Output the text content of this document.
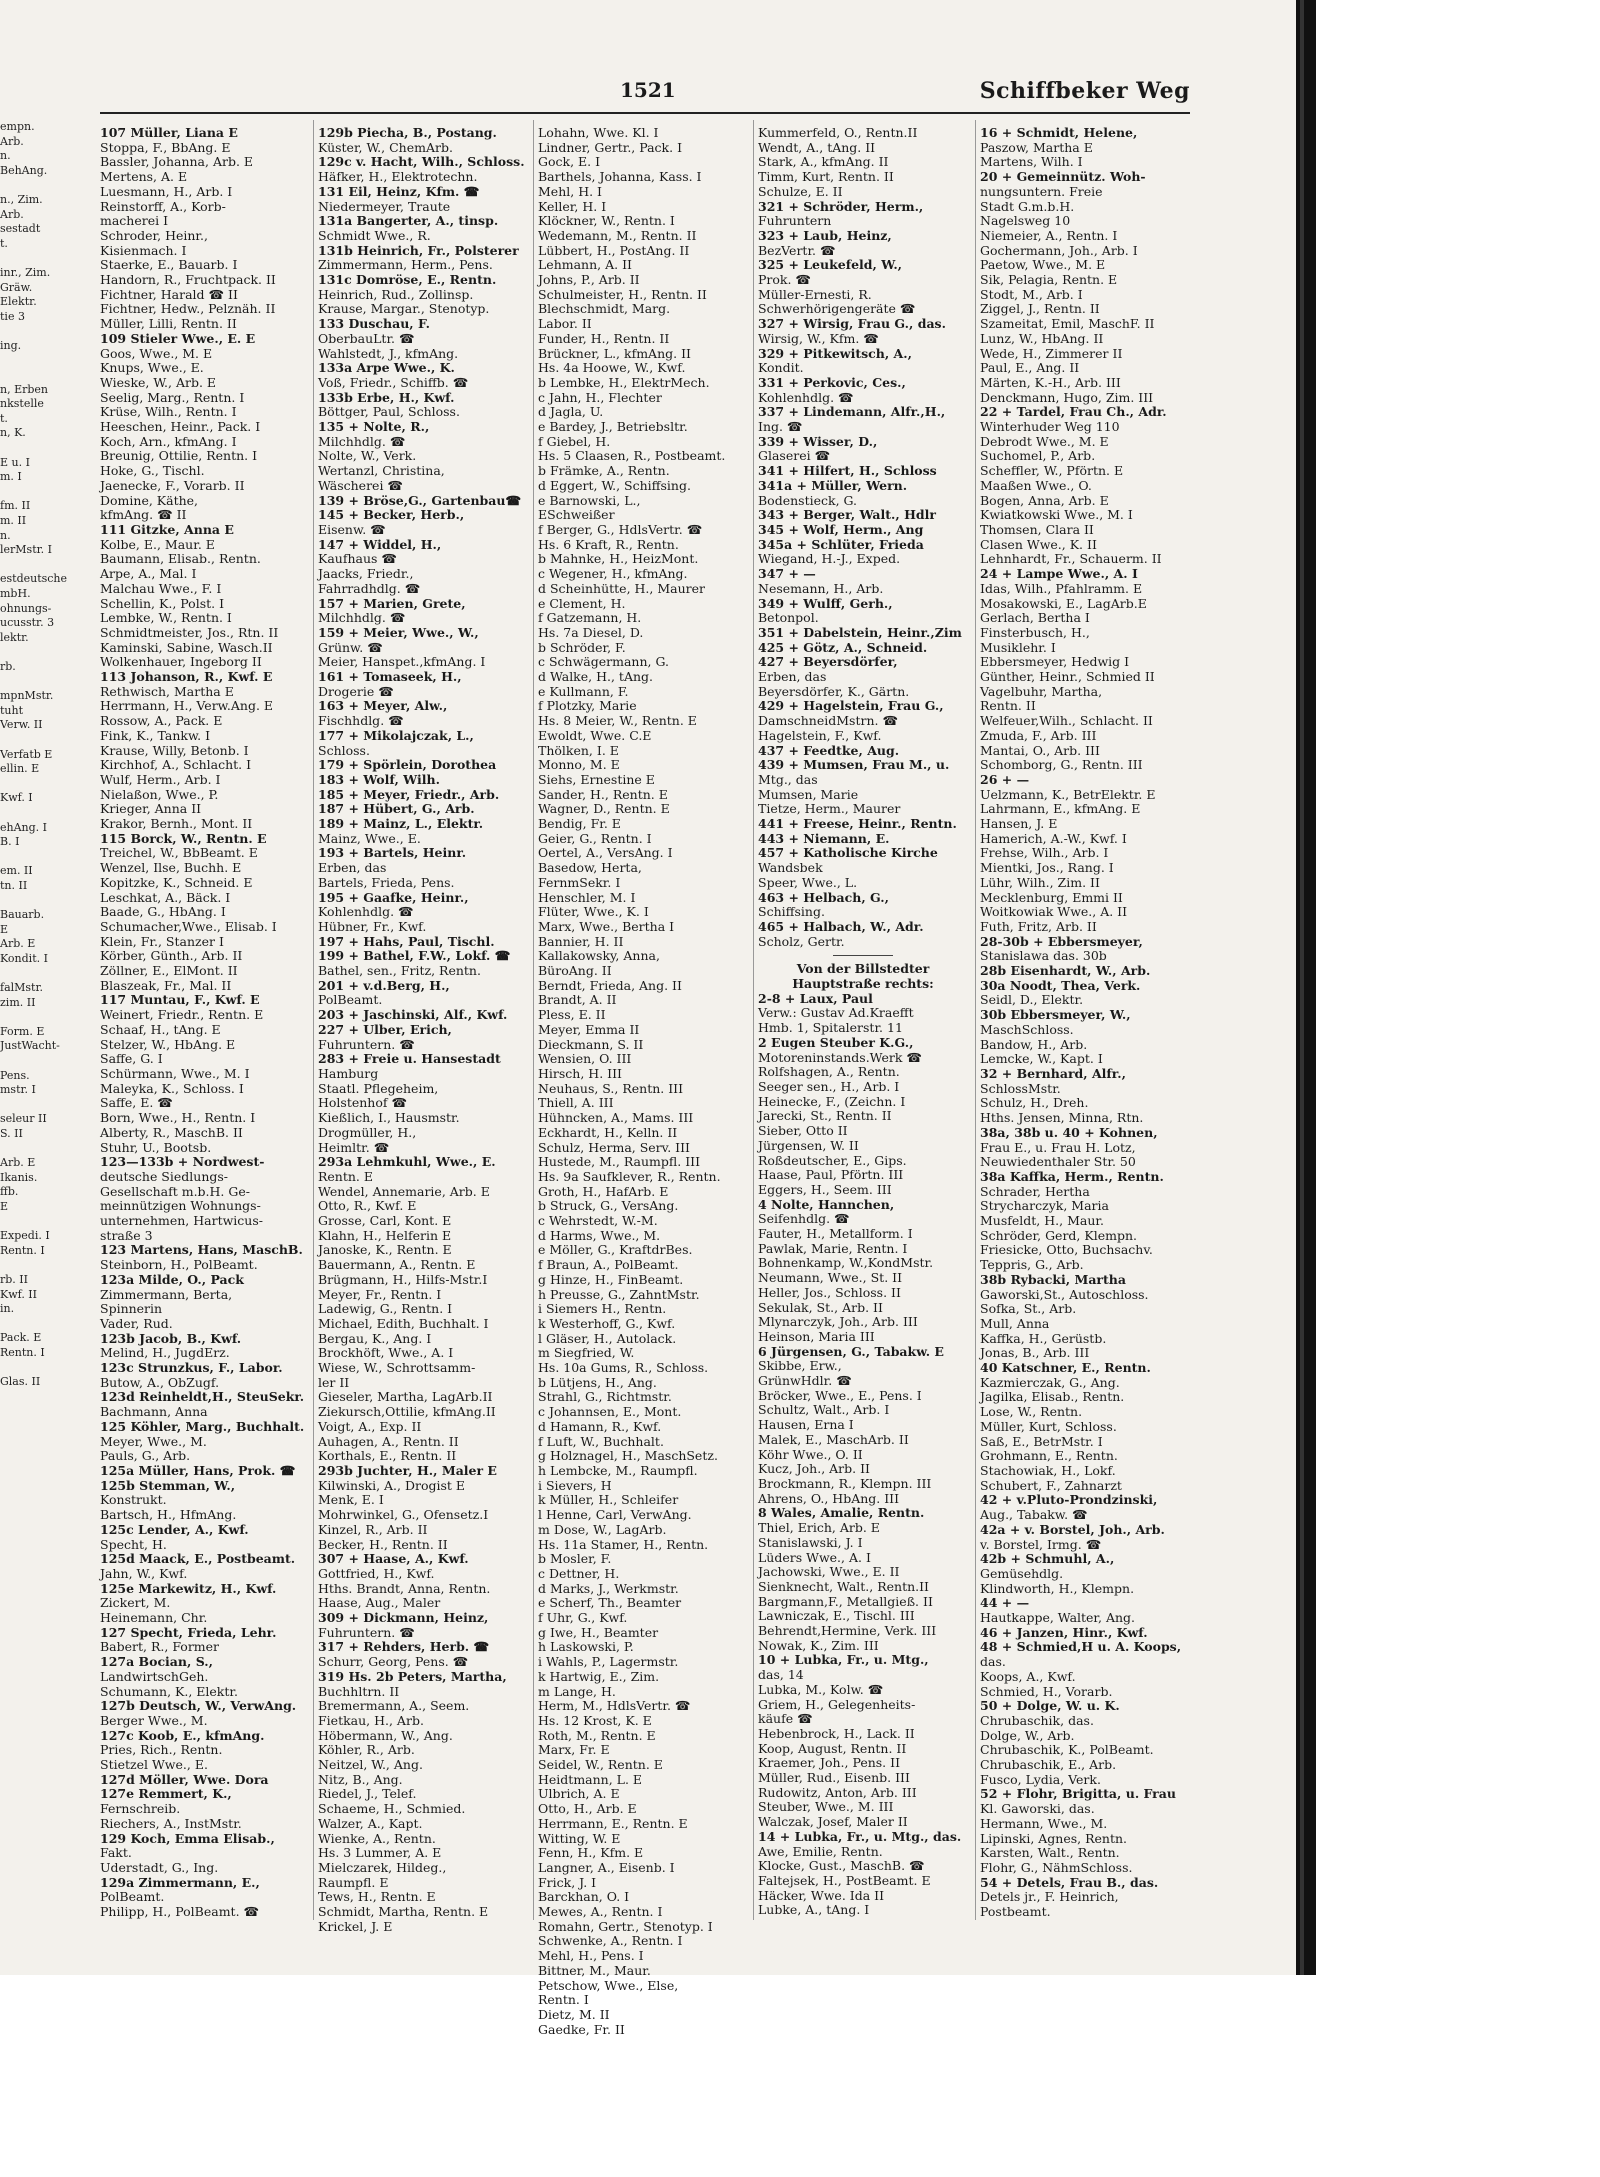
empn.
Arb.
n.
BehAng.

n., Zim.
Arb.
sestadt
t.

inr., Zim.
Gräw.
Elektr.
tie 3

ing.

n, Erben
nkstelle
t.
n, K.

E u. I
m. I

fm. II
m. II
n.
lerMstr. I

estdeutsche
mbH.
ohnungs-
ucusstr. 3
lektr.

rb.

mpnMstr.
tuht
Verw. II

Verfatb E
ellin. E

Kwf. I

ehAng. I
B. I

em. II
tn. II

Bauarb.
E
Arb. E
Kondit. I

falMstr.
zim. II

Form. E
JustWacht-

Pens.
mstr. I

seleur II
S. II

Arb. E
Ikanis.
ffb.
E

Expedi. I
Rentn. I

rb. II
Kwf. II
in.

Pack. E
Rentn. I

Glas. II
1521	Schiffbeker Weg
107 Müller, Liana E
Stoppa, F., BbAng. E
Bassler, Johanna, Arb. E
Mertens, A. E
Luesmann, H., Arb. I
Reinstorff, A., Korb-
macherei I
Schroder, Heinr.,
Kisienmach. I
Staerke, E., Bauarb. I
Handorn, R., Fruchtpack. II
Fichtner, Harald ☎ II
Fichtner, Hedw., Pelznäh. II
Müller, Lilli, Rentn. II
109 Stieler Wwe., E. E
Goos, Wwe., M. E
Knups, Wwe., E.
Wieske, W., Arb. E
Seelig, Marg., Rentn. I
Krüse, Wilh., Rentn. I
Heeschen, Heinr., Pack. I
Koch, Arn., kfmAng. I
Breunig, Ottilie, Rentn. I
Hoke, G., Tischl.
Jaenecke, F., Vorarb. II
Domine, Käthe,
kfmAng. ☎ II
111 Gitzke, Anna E
Kolbe, E., Maur. E
Baumann, Elisab., Rentn.
Arpe, A., Mal. I
Malchau Wwe., F. I
Schellin, K., Polst. I
Lembke, W., Rentn. I
Schmidtmeister, Jos., Rtn. II
Kaminski, Sabine, Wasch.II
Wolkenhauer, Ingeborg II
113 Johanson, R., Kwf. E
Rethwisch, Martha E
Herrmann, H., Verw.Ang. E
Rossow, A., Pack. E
Fink, K., Tankw. I
Krause, Willy, Betonb. I
Kirchhof, A., Schlacht. I
Wulf, Herm., Arb. I
Nielaßon, Wwe., P.
Krieger, Anna II
Krakor, Bernh., Mont. II
115 Borck, W., Rentn. E
Treichel, W., BbBeamt. E
Wenzel, Ilse, Buchh. E
Kopitzke, K., Schneid. E
Leschkat, A., Bäck. I
Baade, G., HbAng. I
Schumacher,Wwe., Elisab. I
Klein, Fr., Stanzer I
Körber, Günth., Arb. II
Zöllner, E., ElMont. II
Blaszeak, Fr., Mal. II
117 Muntau, F., Kwf. E
Weinert, Friedr., Rentn. E
Schaaf, H., tAng. E
Stelzer, W., HbAng. E
Saffe, G. I
Schürmann, Wwe., M. I
Maleyka, K., Schloss. I
Saffe, E. ☎
Born, Wwe., H., Rentn. I
Alberty, R., MaschB. II
Stuhr, U., Bootsb.
123—133b + Nordwest-
deutsche Siedlungs-
Gesellschaft m.b.H. Ge-
meinnützigen Wohnungs-
unternehmen, Hartwicus-
straße 3
123 Martens, Hans, MaschB.
Steinborn, H., PolBeamt.
123a Milde, O., Pack
Zimmermann, Berta,
Spinnerin
Vader, Rud.
123b Jacob, B., Kwf.
Melind, H., JugdErz.
123c Strunzkus, F., Labor.
Butow, A., ObZugf.
123d Reinheldt,H., SteuSekr.
Bachmann, Anna
125 Köhler, Marg., Buchhalt.
Meyer, Wwe., M.
Pauls, G., Arb.
125a Müller, Hans, Prok. ☎
125b Stemman, W.,
Konstrukt.
Bartsch, H., HfmAng.
125c Lender, A., Kwf.
Specht, H.
125d Maack, E., Postbeamt.
Jahn, W., Kwf.
125e Markewitz, H., Kwf.
Zickert, M.
Heinemann, Chr.
127 Specht, Frieda, Lehr.
Babert, R., Former
127a Bocian, S.,
LandwirtschGeh.
Schumann, K., Elektr.
127b Deutsch, W., VerwAng.
Berger Wwe., M.
127c Koob, E., kfmAng.
Pries, Rich., Rentn.
Stietzel Wwe., E.
127d Möller, Wwe. Dora
127e Remmert, K.,
Fernschreib.
Riechers, A., InstMstr.
129 Koch, Emma Elisab.,
Fakt.
Uderstadt, G., Ing.
129a Zimmermann, E.,
PolBeamt.
Philipp, H., PolBeamt. ☎
129b Piecha, B., Postang.
Küster, W., ChemArb.
129c v. Hacht, Wilh., Schloss.
Häfker, H., Elektrotechn.
131 Eil, Heinz, Kfm. ☎
Niedermeyer, Traute
131a Bangerter, A., tinsp.
Schmidt Wwe., R.
131b Heinrich, Fr., Polsterer
Zimmermann, Herm., Pens.
131c Domröse, E., Rentn.
Heinrich, Rud., Zollinsp.
Krause, Margar., Stenotyp.
133 Duschau, F.
OberbauLtr. ☎
Wahlstedt, J., kfmAng.
133a Arpe Wwe., K.
Voß, Friedr., Schiffb. ☎
133b Erbe, H., Kwf.
Böttger, Paul, Schloss.
135 + Nolte, R.,
Milchhdlg. ☎
Nolte, W., Verk.
Wertanzl, Christina,
Wäscherei ☎
139 + Bröse,G., Gartenbau☎
145 + Becker, Herb.,
Eisenw. ☎
147 + Widdel, H.,
Kaufhaus ☎
Jaacks, Friedr.,
Fahrradhdlg. ☎
157 + Marien, Grete,
Milchhdlg. ☎
159 + Meier, Wwe., W.,
Grünw. ☎
Meier, Hanspet.,kfmAng. I
161 + Tomaseek, H.,
Drogerie ☎
163 + Meyer, Alw.,
Fischhdlg. ☎
177 + Mikolajczak, L.,
Schloss.
179 + Spörlein, Dorothea
183 + Wolf, Wilh.
185 + Meyer, Friedr., Arb.
187 + Hübert, G., Arb.
189 + Mainz, L., Elektr.
Mainz, Wwe., E.
193 + Bartels, Heinr.
Erben, das
Bartels, Frieda, Pens.
195 + Gaafke, Heinr.,
Kohlenhdlg. ☎
Hübner, Fr., Kwf.
197 + Hahs, Paul, Tischl.
199 + Bathel, F.W., Lokf. ☎
Bathel, sen., Fritz, Rentn.
201 + v.d.Berg, H.,
PolBeamt.
203 + Jaschinski, Alf., Kwf.
227 + Ulber, Erich,
Fuhruntern. ☎
283 + Freie u. Hansestadt
Hamburg
Staatl. Pflegeheim,
Holstenhof ☎
Kießlich, I., Hausmstr.
Drogmüller, H.,
Heimltr. ☎
293a Lehmkuhl, Wwe., E.
Rentn. E
Wendel, Annemarie, Arb. E
Otto, R., Kwf. E
Grosse, Carl, Kont. E
Klahn, H., Helferin E
Janoske, K., Rentn. E
Bauermann, A., Rentn. E
Brügmann, H., Hilfs-Mstr.I
Meyer, Fr., Rentn. I
Ladewig, G., Rentn. I
Michael, Edith, Buchhalt. I
Bergau, K., Ang. I
Brockhöft, Wwe., A. I
Wiese, W., Schrottsamm-
ler II
Gieseler, Martha, LagArb.II
Ziekursch,Ottilie, kfmAng.II
Voigt, A., Exp. II
Auhagen, A., Rentn. II
Korthals, E., Rentn. II
293b Juchter, H., Maler E
Kilwinski, A., Drogist E
Menk, E. I
Mohrwinkel, G., Ofensetz.I
Kinzel, R., Arb. II
Becker, H., Rentn. II
307 + Haase, A., Kwf.
Gottfried, H., Kwf.
Hths. Brandt, Anna, Rentn.
Haase, Aug., Maler
309 + Dickmann, Heinz,
Fuhruntern. ☎
317 + Rehders, Herb. ☎
Schurr, Georg, Pens. ☎
319 Hs. 2b Peters, Martha,
Buchhltrn. II
Bremermann, A., Seem.
Fietkau, H., Arb.
Höbermann, W., Ang.
Köhler, R., Arb.
Neitzel, W., Ang.
Nitz, B., Ang.
Riedel, J., Telef.
Schaeme, H., Schmied.
Walzer, A., Kapt.
Wienke, A., Rentn.
Hs. 3 Lummer, A. E
Mielczarek, Hildeg.,
Raumpfl. E
Tews, H., Rentn. E
Schmidt, Martha, Rentn. E
Krickel, J. E
Lohahn, Wwe. Kl. I
Lindner, Gertr., Pack. I
Gock, E. I
Barthels, Johanna, Kass. I
Mehl, H. I
Keller, H. I
Klöckner, W., Rentn. I
Wedemann, M., Rentn. II
Lübbert, H., PostAng. II
Lehmann, A. II
Johns, P., Arb. II
Schulmeister, H., Rentn. II
Blechschmidt, Marg.
Labor. II
Funder, H., Rentn. II
Brückner, L., kfmAng. II
Hs. 4a Hoowe, W., Kwf.
b Lembke, H., ElektrMech.
c Jahn, H., Flechter
d Jagla, U.
e Bardey, J., Betriebsltr.
f Giebel, H.
Hs. 5 Claasen, R., Postbeamt.
b Främke, A., Rentn.
d Eggert, W., Schiffsing.
e Barnowski, L.,
ESchweißer
f Berger, G., HdlsVertr. ☎
Hs. 6 Kraft, R., Rentn.
b Mahnke, H., HeizMont.
c Wegener, H., kfmAng.
d Scheinhütte, H., Maurer
e Clement, H.
f Gatzemann, H.
Hs. 7a Diesel, D.
b Schröder, F.
c Schwägermann, G.
d Walke, H., tAng.
e Kullmann, F.
f Plotzky, Marie
Hs. 8 Meier, W., Rentn. E
Ewoldt, Wwe. C.E
Thölken, I. E
Monno, M. E
Siehs, Ernestine E
Sander, H., Rentn. E
Wagner, D., Rentn. E
Bendig, Fr. E
Geier, G., Rentn. I
Oertel, A., VersAng. I
Basedow, Herta,
FernmSekr. I
Henschler, M. I
Flüter, Wwe., K. I
Marx, Wwe., Bertha I
Bannier, H. II
Kallakowsky, Anna,
BüroAng. II
Berndt, Frieda, Ang. II
Brandt, A. II
Pless, E. II
Meyer, Emma II
Dieckmann, S. II
Wensien, O. III
Hirsch, H. III
Neuhaus, S., Rentn. III
Thiell, A. III
Hühncken, A., Mams. III
Eckhardt, H., Kelln. II
Schulz, Herma, Serv. III
Hustede, M., Raumpfl. III
Hs. 9a Saufklever, R., Rentn.
Groth, H., HafArb. E
b Struck, G., VersAng.
c Wehrstedt, W.-M.
d Harms, Wwe., M.
e Möller, G., KraftdrBes.
f Braun, A., PolBeamt.
g Hinze, H., FinBeamt.
h Preusse, G., ZahntMstr.
i Siemers H., Rentn.
k Westerhoff, G., Kwf.
l Gläser, H., Autolack.
m Siegfried, W.
Hs. 10a Gums, R., Schloss.
b Lütjens, H., Ang.
Strahl, G., Richtmstr.
c Johannsen, E., Mont.
d Hamann, R., Kwf.
f Luft, W., Buchhalt.
g Holznagel, H., MaschSetz.
h Lembcke, M., Raumpfl.
i Sievers, H
k Müller, H., Schleifer
l Henne, Carl, VerwAng.
m Dose, W., LagArb.
Hs. 11a Stamer, H., Rentn.
b Mosler, F.
c Dettner, H.
d Marks, J., Werkmstr.
e Scherf, Th., Beamter
f Uhr, G., Kwf.
g Iwe, H., Beamter
h Laskowski, P.
i Wahls, P., Lagermstr.
k Hartwig, E., Zim.
m Lange, H.
Herm, M., HdlsVertr. ☎
Hs. 12 Krost, K. E
Roth, M., Rentn. E
Marx, Fr. E
Seidel, W., Rentn. E
Heidtmann, L. E
Ulbrich, A. E
Otto, H., Arb. E
Herrmann, E., Rentn. E
Witting, W. E
Fenn, H., Kfm. E
Langner, A., Eisenb. I
Frick, J. I
Barckhan, O. I
Mewes, A., Rentn. I
Romahn, Gertr., Stenotyp. I
Schwenke, A., Rentn. I
Mehl, H., Pens. I
Bittner, M., Maur.
Petschow, Wwe., Else,
Rentn. I
Dietz, M. II
Gaedke, Fr. II
Kummerfeld, O., Rentn.II
Wendt, A., tAng. II
Stark, A., kfmAng. II
Timm, Kurt, Rentn. II
Schulze, E. II
321 + Schröder, Herm.,
Fuhruntern
323 + Laub, Heinz,
BezVertr. ☎
325 + Leukefeld, W.,
Prok. ☎
Müller-Ernesti, R.
Schwerhörigengeräte ☎
327 + Wirsig, Frau G., das.
Wirsig, W., Kfm. ☎
329 + Pitkewitsch, A.,
Kondit.
331 + Perkovic, Ces.,
Kohlenhdlg. ☎
337 + Lindemann, Alfr.,H.,
Ing. ☎
339 + Wisser, D.,
Glaserei ☎
341 + Hilfert, H., Schloss
341a + Müller, Wern.
Bodenstieck, G.
343 + Berger, Walt., Hdlr
345 + Wolf, Herm., Ang
345a + Schlüter, Frieda
Wiegand, H.-J., Exped.
347 + —
Nesemann, H., Arb.
349 + Wulff, Gerh.,
Betonpol.
351 + Dabelstein, Heinr.,Zim
425 + Götz, A., Schneid.
427 + Beyersdörfer,
Erben, das
Beyersdörfer, K., Gärtn.
429 + Hagelstein, Frau G.,
DamschneidMstrn. ☎
Hagelstein, F., Kwf.
437 + Feedtke, Aug.
439 + Mumsen, Frau M., u.
Mtg., das
Mumsen, Marie
Tietze, Herm., Maurer
441 + Freese, Heinr., Rentn.
443 + Niemann, E.
457 + Katholische Kirche
Wandsbek
Speer, Wwe., L.
463 + Helbach, G.,
Schiffsing.
465 + Halbach, W., Adr.
Scholz, Gertr.
Von der Billstedter
Hauptstraße rechts:
2-8 + Laux, Paul
Verw.: Gustav Ad.Kraefft
Hmb. 1, Spitalerstr. 11
2 Eugen Steuber K.G.,
Motoreninstands.Werk ☎
Rolfshagen, A., Rentn.
Seeger sen., H., Arb. I
Heinecke, F., (Zeichn. I
Jarecki, St., Rentn. II
Sieber, Otto II
Jürgensen, W. II
Roßdeutscher, E., Gips.
Haase, Paul, Pförtn. III
Eggers, H., Seem. III
4 Nolte, Hannchen,
Seifenhdlg. ☎
Fauter, H., Metallform. I
Pawlak, Marie, Rentn. I
Bohnenkamp, W.,KondMstr.
Neumann, Wwe., St. II
Heller, Jos., Schloss. II
Sekulak, St., Arb. II
Mlynarczyk, Joh., Arb. III
Heinson, Maria III
6 Jürgensen, G., Tabakw. E
Skibbe, Erw.,
GrünwHdlr. ☎
Bröcker, Wwe., E., Pens. I
Schultz, Walt., Arb. I
Hausen, Erna I
Malek, E., MaschArb. II
Köhr Wwe., O. II
Kucz, Joh., Arb. II
Brockmann, R., Klempn. III
Ahrens, O., HbAng. III
8 Wales, Amalie, Rentn.
Thiel, Erich, Arb. E
Stanislawski, J. I
Lüders Wwe., A. I
Jachowski, Wwe., E. II
Sienknecht, Walt., Rentn.II
Bargmann,F., Metallgieß. II
Lawniczak, E., Tischl. III
Behrendt,Hermine, Verk. III
Nowak, K., Zim. III
10 + Lubka, Fr., u. Mtg.,
das, 14
Lubka, M., Kolw. ☎
Griem, H., Gelegenheits-
käufe ☎
Hebenbrock, H., Lack. II
Koop, August, Rentn. II
Kraemer, Joh., Pens. II
Müller, Rud., Eisenb. III
Rudowitz, Anton, Arb. III
Steuber, Wwe., M. III
Walczak, Josef, Maler II
14 + Lubka, Fr., u. Mtg., das.
Awe, Emilie, Rentn.
Klocke, Gust., MaschB. ☎
Faltejsek, H., PostBeamt. E
Häcker, Wwe. Ida II
Lubke, A., tAng. I
16 + Schmidt, Helene,
Paszow, Martha E
Martens, Wilh. I
20 + Gemeinnütz. Woh-
nungsuntern. Freie
Stadt G.m.b.H.
Nagelsweg 10
Niemeier, A., Rentn. I
Gochermann, Joh., Arb. I
Paetow, Wwe., M. E
Sik, Pelagia, Rentn. E
Stodt, M., Arb. I
Ziggel, J., Rentn. II
Szameitat, Emil, MaschF. II
Lunz, W., HbAng. II
Wede, H., Zimmerer II
Paul, E., Ang. II
Märten, K.-H., Arb. III
Denckmann, Hugo, Zim. III
22 + Tardel, Frau Ch., Adr.
Winterhuder Weg 110
Debrodt Wwe., M. E
Suchomel, P., Arb.
Scheffler, W., Pförtn. E
Maaßen Wwe., O.
Bogen, Anna, Arb. E
Kwiatkowski Wwe., M. I
Thomsen, Clara II
Clasen Wwe., K. II
Lehnhardt, Fr., Schauerm. II
24 + Lampe Wwe., A. I
Idas, Wilh., Pfahlramm. E
Mosakowski, E., LagArb.E
Gerlach, Bertha I
Finsterbusch, H.,
Musiklehr. I
Ebbersmeyer, Hedwig I
Günther, Heinr., Schmied II
Vagelbuhr, Martha,
Rentn. II
Welfeuer,Wilh., Schlacht. II
Zmuda, F., Arb. III
Mantai, O., Arb. III
Schomborg, G., Rentn. III
26 + —
Uelzmann, K., BetrElektr. E
Lahrmann, E., kfmAng. E
Hansen, J. E
Hamerich, A.-W., Kwf. I
Frehse, Wilh., Arb. I
Mientki, Jos., Rang. I
Lühr, Wilh., Zim. II
Mecklenburg, Emmi II
Woitkowiak Wwe., A. II
Futh, Fritz, Arb. II
28-30b + Ebbersmeyer,
Stanislawa das. 30b
28b Eisenhardt, W., Arb.
30a Noodt, Thea, Verk.
Seidl, D., Elektr.
30b Ebbersmeyer, W.,
MaschSchloss.
Bandow, H., Arb.
Lemcke, W., Kapt. I
32 + Bernhard, Alfr.,
SchlossMstr.
Schulz, H., Dreh.
Hths. Jensen, Minna, Rtn.
38a, 38b u. 40 + Kohnen,
Frau E., u. Frau H. Lotz,
Neuwiedenthaler Str. 50
38a Kaffka, Herm., Rentn.
Schrader, Hertha
Strycharczyk, Maria
Musfeldt, H., Maur.
Schröder, Gerd, Klempn.
Friesicke, Otto, Buchsachv.
Teppris, G., Arb.
38b Rybacki, Martha
Gaworski,St., Autoschloss.
Sofka, St., Arb.
Mull, Anna
Kaffka, H., Gerüstb.
Jonas, B., Arb. III
40 Katschner, E., Rentn.
Kazmierczak, G., Ang.
Jagilka, Elisab., Rentn.
Lose, W., Rentn.
Müller, Kurt, Schloss.
Saß, E., BetrMstr. I
Grohmann, E., Rentn.
Stachowiak, H., Lokf.
Schubert, F., Zahnarzt
42 + v.Pluto-Prondzinski,
Aug., Tabakw. ☎
42a + v. Borstel, Joh., Arb.
v. Borstel, Irmg. ☎
42b + Schmuhl, A.,
Gemüsehdlg.
Klindworth, H., Klempn.
44 + —
Hautkappe, Walter, Ang.
46 + Janzen, Hinr., Kwf.
48 + Schmied,H u. A. Koops,
das.
Koops, A., Kwf.
Schmied, H., Vorarb.
50 + Dolge, W. u. K.
Chrubaschik, das.
Dolge, W., Arb.
Chrubaschik, K., PolBeamt.
Chrubaschik, E., Arb.
Fusco, Lydia, Verk.
52 + Flohr, Brigitta, u. Frau
Kl. Gaworski, das.
Hermann, Wwe., M.
Lipinski, Agnes, Rentn.
Karsten, Walt., Rentn.
Flohr, G., NähmSchloss.
54 + Detels, Frau B., das.
Detels jr., F. Heinrich,
Postbeamt.
